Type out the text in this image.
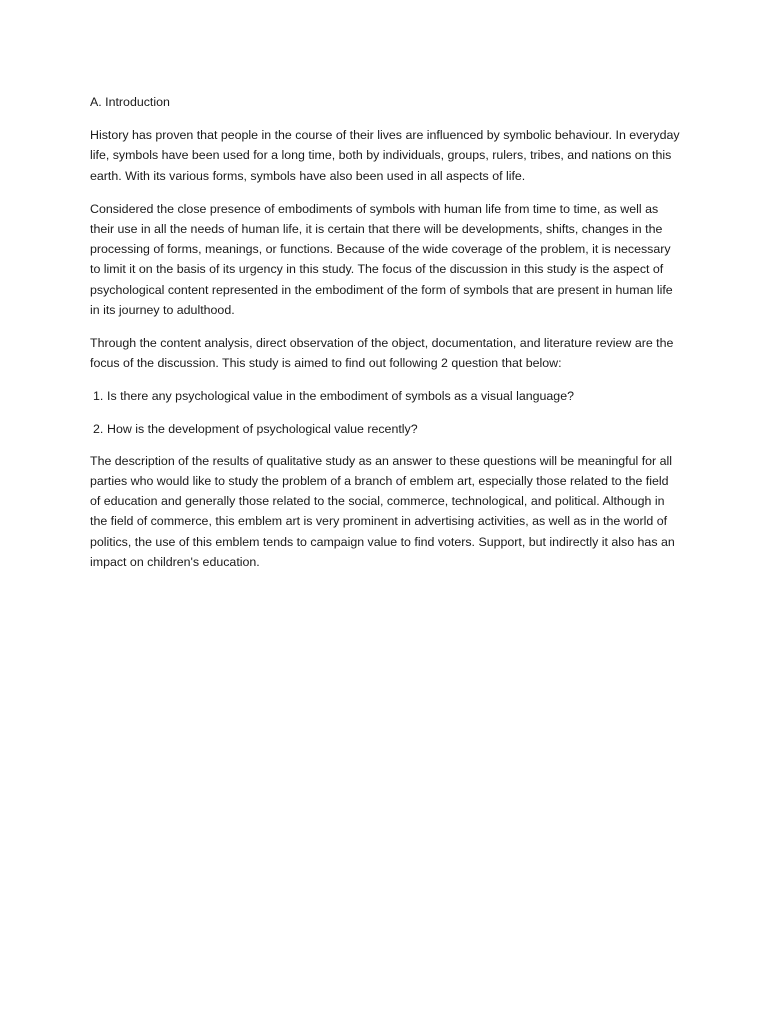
A. Introduction

History has proven that people in the course of their lives are influenced by symbolic behaviour. In everyday life, symbols have been used for a long time, both by individuals, groups, rulers, tribes, and nations on this earth. With its various forms, symbols have also been used in all aspects of life.

Considered the close presence of embodiments of symbols with human life from time to time, as well as their use in all the needs of human life, it is certain that there will be developments, shifts, changes in the processing of forms, meanings, or functions. Because of the wide coverage of the problem, it is necessary to limit it on the basis of its urgency in this study. The focus of the discussion in this study is the aspect of psychological content represented in the embodiment of the form of symbols that are present in human life in its journey to adulthood.

Through the content analysis, direct observation of the object, documentation, and literature review are the focus of the discussion. This study is aimed to find out following 2 question that below:

1. Is there any psychological value in the embodiment of symbols as a visual language?
2. How is the development of psychological value recently?

The description of the results of qualitative study as an answer to these questions will be meaningful for all parties who would like to study the problem of a branch of emblem art, especially those related to the field of education and generally those related to the social, commerce, technological, and political. Although in the field of commerce, this emblem art is very prominent in advertising activities, as well as in the world of politics, the use of this emblem tends to campaign value to find voters. Support, but indirectly it also has an impact on children's education.
